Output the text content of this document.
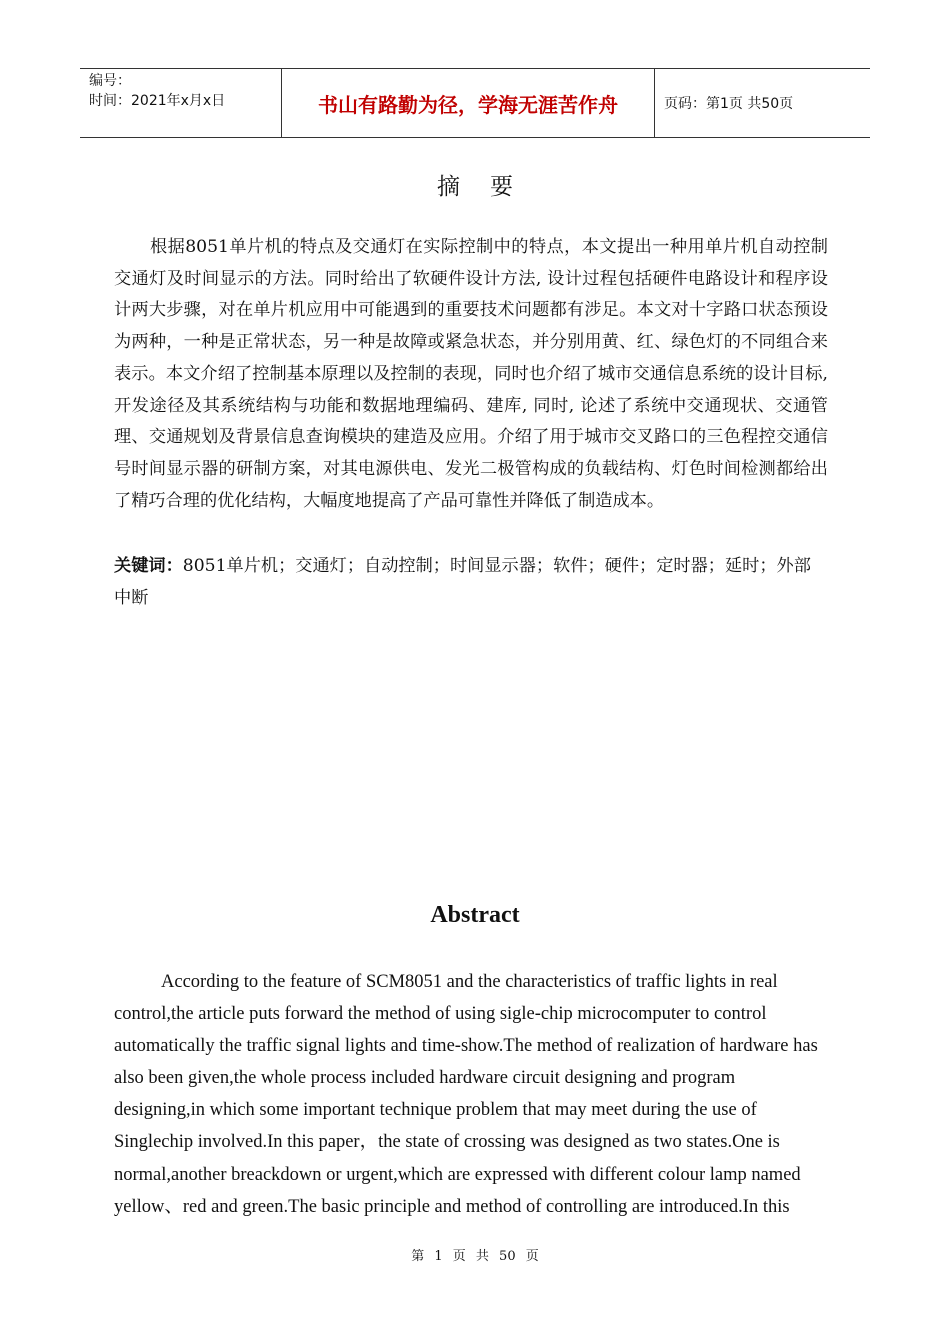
编号：
时间：2021年x月x日	书山有路勤为径，学海无涯苦作舟	页码：第1页 共50页
摘要

根据8051单片机的特点及交通灯在实际控制中的特点，本文提出一种用单片机自动控制交通灯及时间显示的方法。同时给出了软硬件设计方法, 设计过程包括硬件电路设计和程序设计两大步骤，对在单片机应用中可能遇到的重要技术问题都有涉足。本文对十字路口状态预设为两种，一种是正常状态，另一种是故障或紧急状态，并分别用黄、红、绿色灯的不同组合来表示。本文介绍了控制基本原理以及控制的表现，同时也介绍了城市交通信息系统的设计目标, 开发途径及其系统结构与功能和数据地理编码、建库, 同时, 论述了系统中交通现状、交通管理、交通规划及背景信息查询模块的建造及应用。介绍了用于城市交叉路口的三色程控交通信号时间显示器的研制方案，对其电源供电、发光二极管构成的负载结构、灯色时间检测都给出了精巧合理的优化结构，大幅度地提高了产品可靠性并降低了制造成本。

关键词：8051单片机；交通灯；自动控制；时间显示器；软件；硬件；定时器；延时；外部中断

Abstract

According to the feature of SCM8051 and the characteristics of traffic lights in real control,the article puts forward the method of using sigle-chip microcomputer to control automatically the traffic signal lights and time-show.The method of realization of hardware has also been given,the whole process included hardware circuit designing and program designing,in which some important technique problem that may meet during the use of Singlechip involved.In this paper，the state of crossing was designed as two states.One is normal,another breackdown or urgent,which are expressed with different colour lamp named yellow、red and green.The basic principle and method of controlling are introduced.In this

第 1 页 共 50 页
